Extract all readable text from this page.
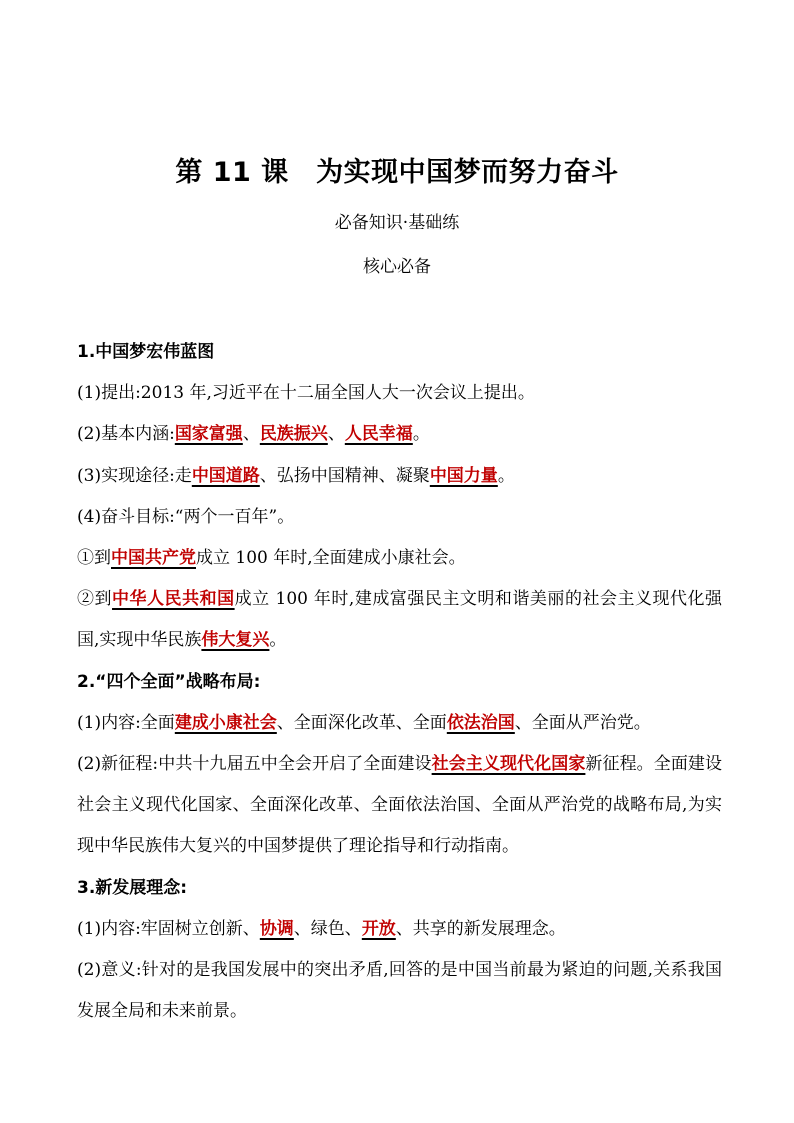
第 11 课　为实现中国梦而努力奋斗
必备知识·基础练
核心必备
1.中国梦宏伟蓝图
(1)提出:2013 年,习近平在十二届全国人大一次会议上提出。
(2)基本内涵:国家富强、民族振兴、人民幸福。
(3)实现途径:走中国道路、弘扬中国精神、凝聚中国力量。
(4)奋斗目标:“两个一百年”。
①到中国共产党成立 100 年时,全面建成小康社会。
②到中华人民共和国成立 100 年时,建成富强民主文明和谐美丽的社会主义现代化强国,实现中华民族伟大复兴。
2.“四个全面”战略布局:
(1)内容:全面建成小康社会、全面深化改革、全面依法治国、全面从严治党。
(2)新征程:中共十九届五中全会开启了全面建设社会主义现代化国家新征程。全面建设社会主义现代化国家、全面深化改革、全面依法治国、全面从严治党的战略布局,为实现中华民族伟大复兴的中国梦提供了理论指导和行动指南。
3.新发展理念:
(1)内容:牢固树立创新、协调、绿色、开放、共享的新发展理念。
(2)意义:针对的是我国发展中的突出矛盾,回答的是中国当前最为紧迫的问题,关系我国发展全局和未来前景。
